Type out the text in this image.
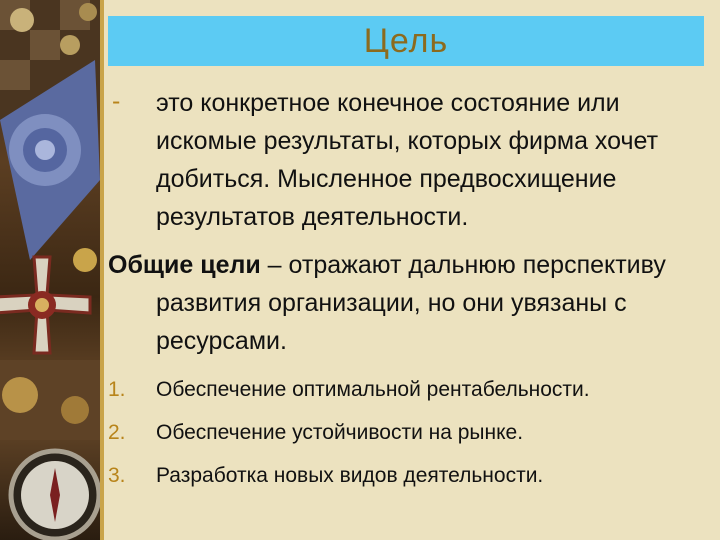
Цель
- это конкретное конечное состояние или искомые результаты, которых фирма хочет добиться. Мысленное предвосхищение результатов деятельности.
Общие цели – отражают дальнюю перспективу развития организации, но они увязаны с ресурсами.
1. Обеспечение оптимальной рентабельности.
2. Обеспечение устойчивости на рынке.
3. Разработка новых видов деятельности.
